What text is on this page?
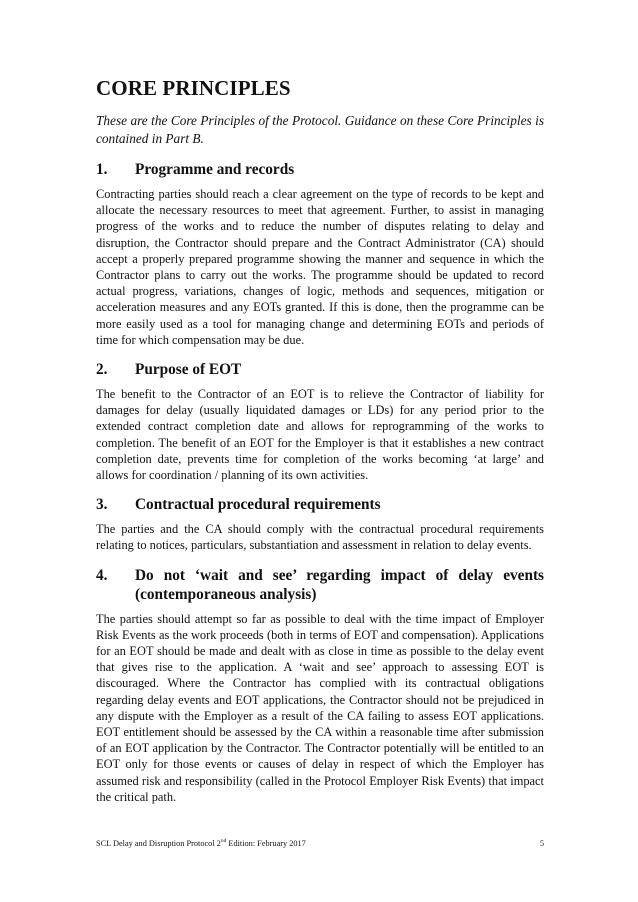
CORE PRINCIPLES

These are the Core Principles of the Protocol. Guidance on these Core Principles is contained in Part B.

1.	Programme and records

Contracting parties should reach a clear agreement on the type of records to be kept and allocate the necessary resources to meet that agreement. Further, to assist in managing progress of the works and to reduce the number of disputes relating to delay and disruption, the Contractor should prepare and the Contract Administrator (CA) should accept a properly prepared programme showing the manner and sequence in which the Contractor plans to carry out the works. The programme should be updated to record actual progress, variations, changes of logic, methods and sequences, mitigation or acceleration measures and any EOTs granted. If this is done, then the programme can be more easily used as a tool for managing change and determining EOTs and periods of time for which compensation may be due.

2.	Purpose of EOT

The benefit to the Contractor of an EOT is to relieve the Contractor of liability for damages for delay (usually liquidated damages or LDs) for any period prior to the extended contract completion date and allows for reprogramming of the works to completion. The benefit of an EOT for the Employer is that it establishes a new contract completion date, prevents time for completion of the works becoming ‘at large’ and allows for coordination / planning of its own activities.

3.	Contractual procedural requirements

The parties and the CA should comply with the contractual procedural requirements relating to notices, particulars, substantiation and assessment in relation to delay events.

4.	Do not ‘wait and see’ regarding impact of delay events (contemporaneous analysis)

The parties should attempt so far as possible to deal with the time impact of Employer Risk Events as the work proceeds (both in terms of EOT and compensation). Applications for an EOT should be made and dealt with as close in time as possible to the delay event that gives rise to the application. A ‘wait and see’ approach to assessing EOT is discouraged. Where the Contractor has complied with its contractual obligations regarding delay events and EOT applications, the Contractor should not be prejudiced in any dispute with the Employer as a result of the CA failing to assess EOT applications. EOT entitlement should be assessed by the CA within a reasonable time after submission of an EOT application by the Contractor. The Contractor potentially will be entitled to an EOT only for those events or causes of delay in respect of which the Employer has assumed risk and responsibility (called in the Protocol Employer Risk Events) that impact the critical path.

SCL Delay and Disruption Protocol 2nd Edition: February 2017	5
